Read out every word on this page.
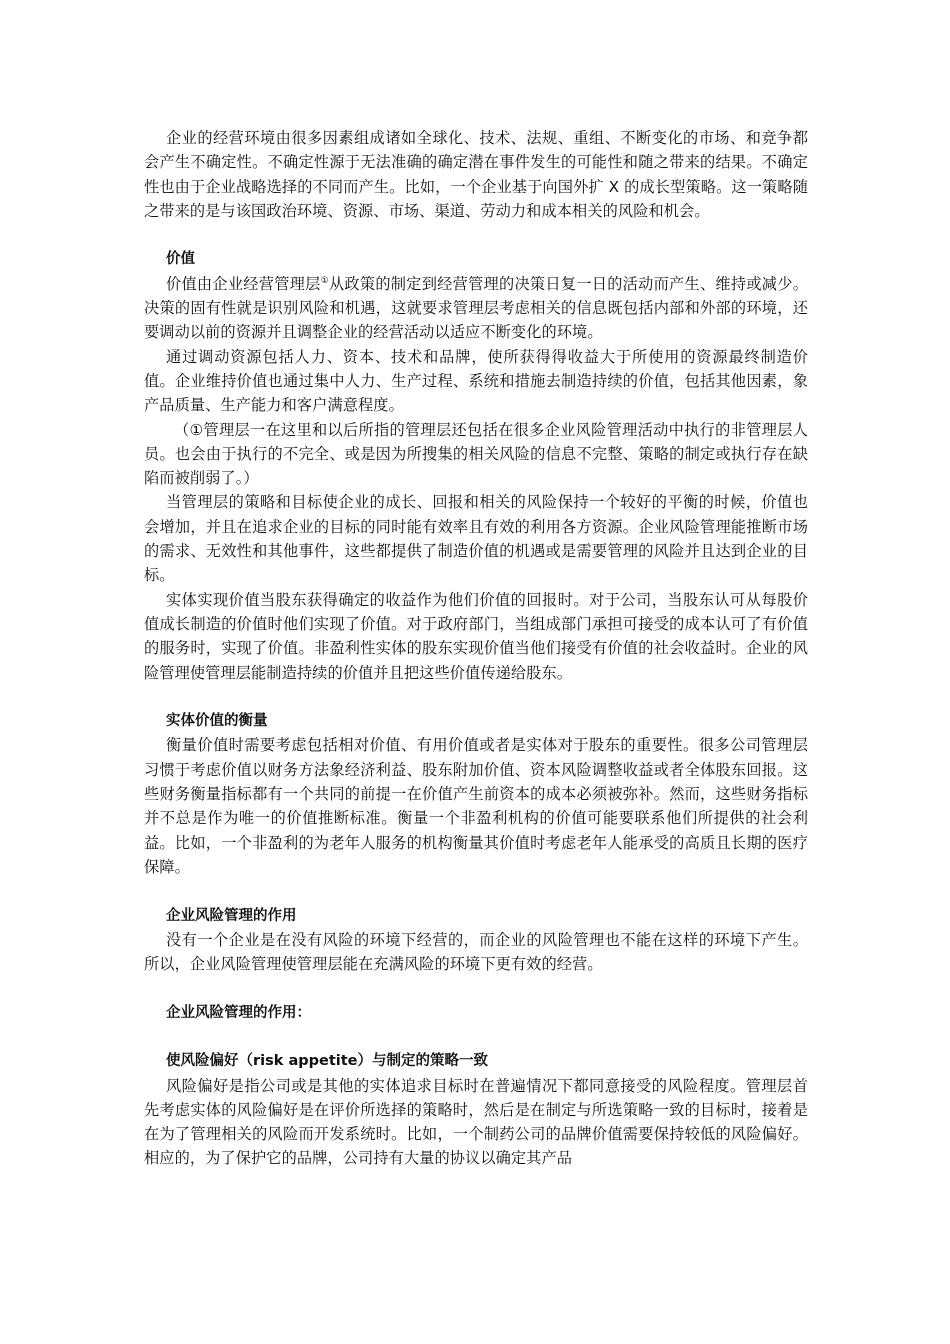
企业的经营环境由很多因素组成诸如全球化、技术、法规、重组、不断变化的市场、和竞争都会产生不确定性。不确定性源于无法准确的确定潜在事件发生的可能性和随之带来的结果。不确定性也由于企业战略选择的不同而产生。比如，一个企业基于向国外扩 X 的成长型策略。这一策略随之带来的是与该国政治环境、资源、市场、渠道、劳动力和成本相关的风险和机会。

价值

价值由企业经营管理层①从政策的制定到经营管理的决策日复一日的活动而产生、维持或减少。决策的固有性就是识别风险和机遇，这就要求管理层考虑相关的信息既包括内部和外部的环境，还要调动以前的资源并且调整企业的经营活动以适应不断变化的环境。

通过调动资源包括人力、资本、技术和品牌，使所获得得收益大于所使用的资源最终制造价值。企业维持价值也通过集中人力、生产过程、系统和措施去制造持续的价值，包括其他因素，象产品质量、生产能力和客户满意程度。

（①管理层一在这里和以后所指的管理层还包括在很多企业风险管理活动中执行的非管理层人员。也会由于执行的不完全、或是因为所搜集的相关风险的信息不完整、策略的制定或执行存在缺陷而被削弱了。）

当管理层的策略和目标使企业的成长、回报和相关的风险保持一个较好的平衡的时候，价值也会增加，并且在追求企业的目标的同时能有效率且有效的利用各方资源。企业风险管理能推断市场的需求、无效性和其他事件，这些都提供了制造价值的机遇或是需要管理的风险并且达到企业的目标。

实体实现价值当股东获得确定的收益作为他们价值的回报时。对于公司，当股东认可从每股价值成长制造的价值时他们实现了价值。对于政府部门，当组成部门承担可接受的成本认可了有价值的服务时，实现了价值。非盈利性实体的股东实现价值当他们接受有价值的社会收益时。企业的风险管理使管理层能制造持续的价值并且把这些价值传递给股东。

实体价值的衡量

衡量价值时需要考虑包括相对价值、有用价值或者是实体对于股东的重要性。很多公司管理层习惯于考虑价值以财务方法象经济利益、股东附加价值、资本风险调整收益或者全体股东回报。这些财务衡量指标都有一个共同的前提一在价值产生前资本的成本必须被弥补。然而，这些财务指标并不总是作为唯一的价值推断标准。衡量一个非盈利机构的价值可能要联系他们所提供的社会利益。比如，一个非盈利的为老年人服务的机构衡量其价值时考虑老年人能承受的高质且长期的医疗保障。

企业风险管理的作用

没有一个企业是在没有风险的环境下经营的，而企业的风险管理也不能在这样的环境下产生。所以，企业风险管理使管理层能在充满风险的环境下更有效的经营。

企业风险管理的作用：

使风险偏好（risk appetite）与制定的策略一致

风险偏好是指公司或是其他的实体追求目标时在普遍情况下都同意接受的风险程度。管理层首先考虑实体的风险偏好是在评价所选择的策略时，然后是在制定与所选策略一致的目标时，接着是在为了管理相关的风险而开发系统时。比如，一个制药公司的品牌价值需要保持较低的风险偏好。相应的，为了保护它的品牌，公司持有大量的协议以确定其产品
